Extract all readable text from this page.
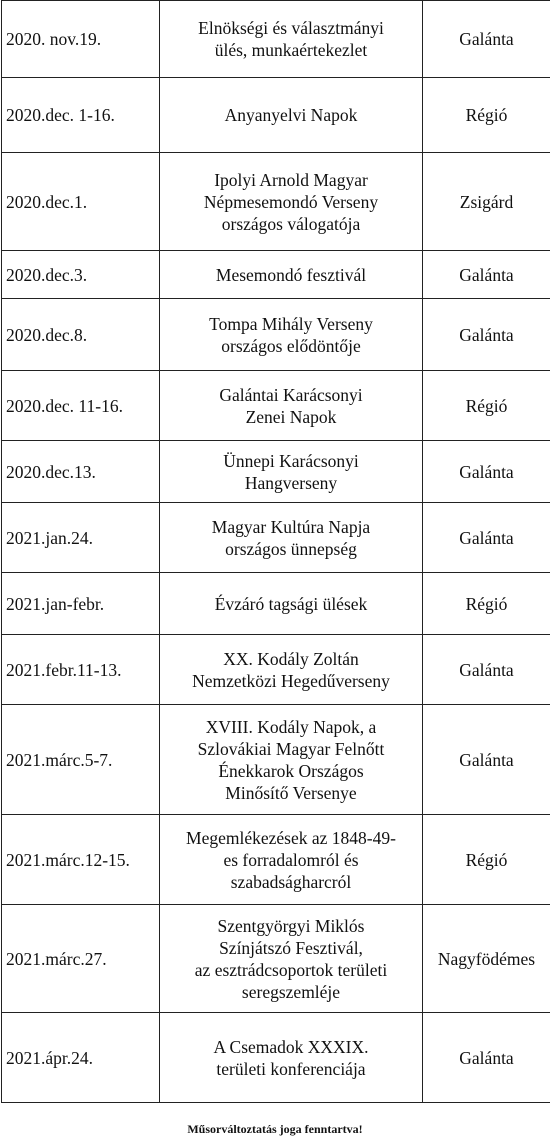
2020. nov.19.	Elnökségi és választmányi
ülés, munkaértekezlet	Galánta
2020.dec. 1-16.	Anyanyelvi Napok	Régió
2020.dec.1.	Ipolyi Arnold Magyar
Népmesemondó Verseny
országos válogatója	Zsigárd
2020.dec.3.	Mesemondó fesztivál	Galánta
2020.dec.8.	Tompa Mihály Verseny
országos elődöntője	Galánta
2020.dec. 11-16.	Galántai Karácsonyi
Zenei Napok	Régió
2020.dec.13.	Ünnepi Karácsonyi
Hangverseny	Galánta
2021.jan.24.	Magyar Kultúra Napja
országos ünnepség	Galánta
2021.jan-febr.	Évzáró tagsági ülések	Régió
2021.febr.11-13.	XX. Kodály Zoltán
Nemzetközi Hegedűverseny	Galánta
2021.márc.5-7.	XVIII. Kodály Napok, a
Szlovákiai Magyar Felnőtt
Énekkarok Országos
Minősítő Versenye	Galánta
2021.márc.12-15.	Megemlékezések az 1848-49-
es forradalomról és
szabadságharcról	Régió
2021.márc.27.	Szentgyörgyi Miklós
Színjátszó Fesztivál,
az esztrádcsoportok területi
seregszemléje	Nagyfödémes
2021.ápr.24.	A Csemadok XXXIX.
területi konferenciája	Galánta
Műsorváltoztatás joga fenntartva!
